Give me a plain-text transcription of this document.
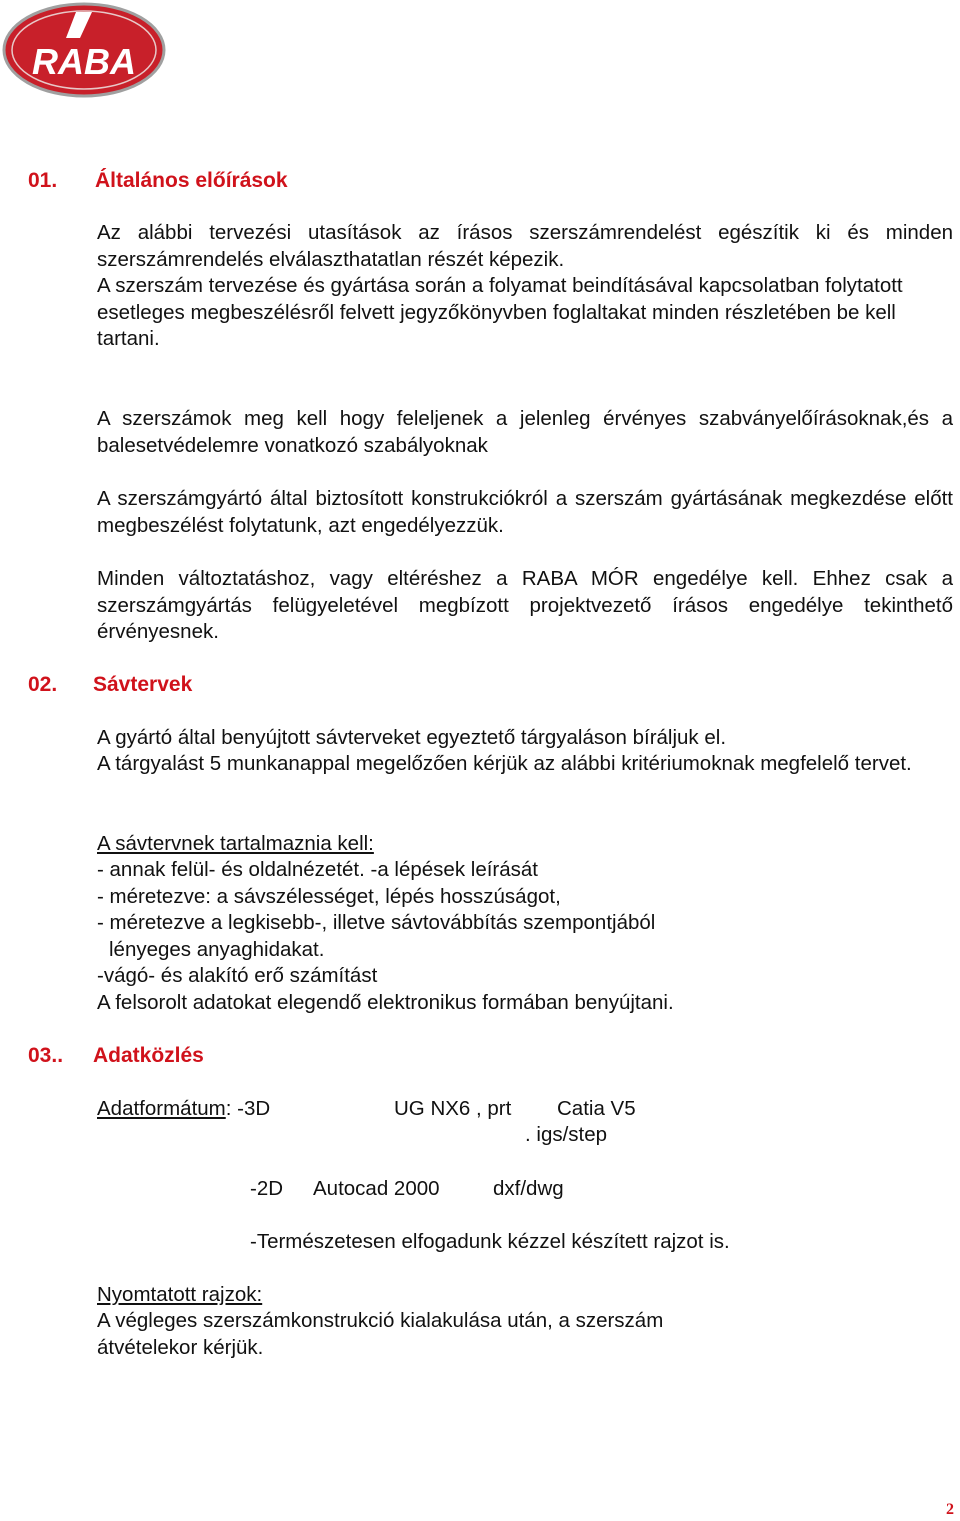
RABA
01. Általános előírások

Az alábbi tervezési utasítások az írásos szerszámrendelést egészítik ki és minden szerszámrendelés elválaszthatatlan részét képezik.

A szerszám tervezése és gyártása során a folyamat beindításával kapcsolatban folytatott esetleges megbeszélésről felvett jegyzőkönyvben foglaltakat minden részletében be kell tartani.

A szerszámok meg kell hogy feleljenek a jelenleg érvényes szabványelőírásoknak,és a balesetvédelemre vonatkozó szabályoknak

A szerszámgyártó által biztosított konstrukciókról a szerszám gyártásának megkezdése előtt megbeszélést folytatunk, azt engedélyezzük.

Minden változtatáshoz, vagy eltéréshez a RABA MÓR engedélye kell. Ehhez csak a szerszámgyártás felügyeletével megbízott projektvezető írásos engedélye tekinthető érvényesnek.

02. Sávtervek
A gyártó által benyújtott sávterveket egyeztető tárgyaláson bíráljuk el.

A tárgyalást 5 munkanappal megelőzően kérjük az alábbi kritériumoknak megfelelő tervet.

A sávtervnek tartalmaznia kell:
- annak felül- és oldalnézetét. -a lépések leírását
- méretezve: a sávszélességet, lépés hosszúságot,
- méretezve a legkisebb-, illetve sávtovábbítás szempontjából
lényeges anyaghidakat.
-vágó- és alakító erő számítást
A felsorolt adatokat elegendő elektronikus formában benyújtani.
03.. Adatközlés
Adatformátum: -3D	UG NX6 , prt Catia V5
. igs/step
-2D Autocad 2000	dxf/dwg
-Természetesen elfogadunk kézzel készített rajzot is.
Nyomtatott rajzok:

A végleges szerszámkonstrukció kialakulása után, a szerszám átvételekor kérjük.

2
